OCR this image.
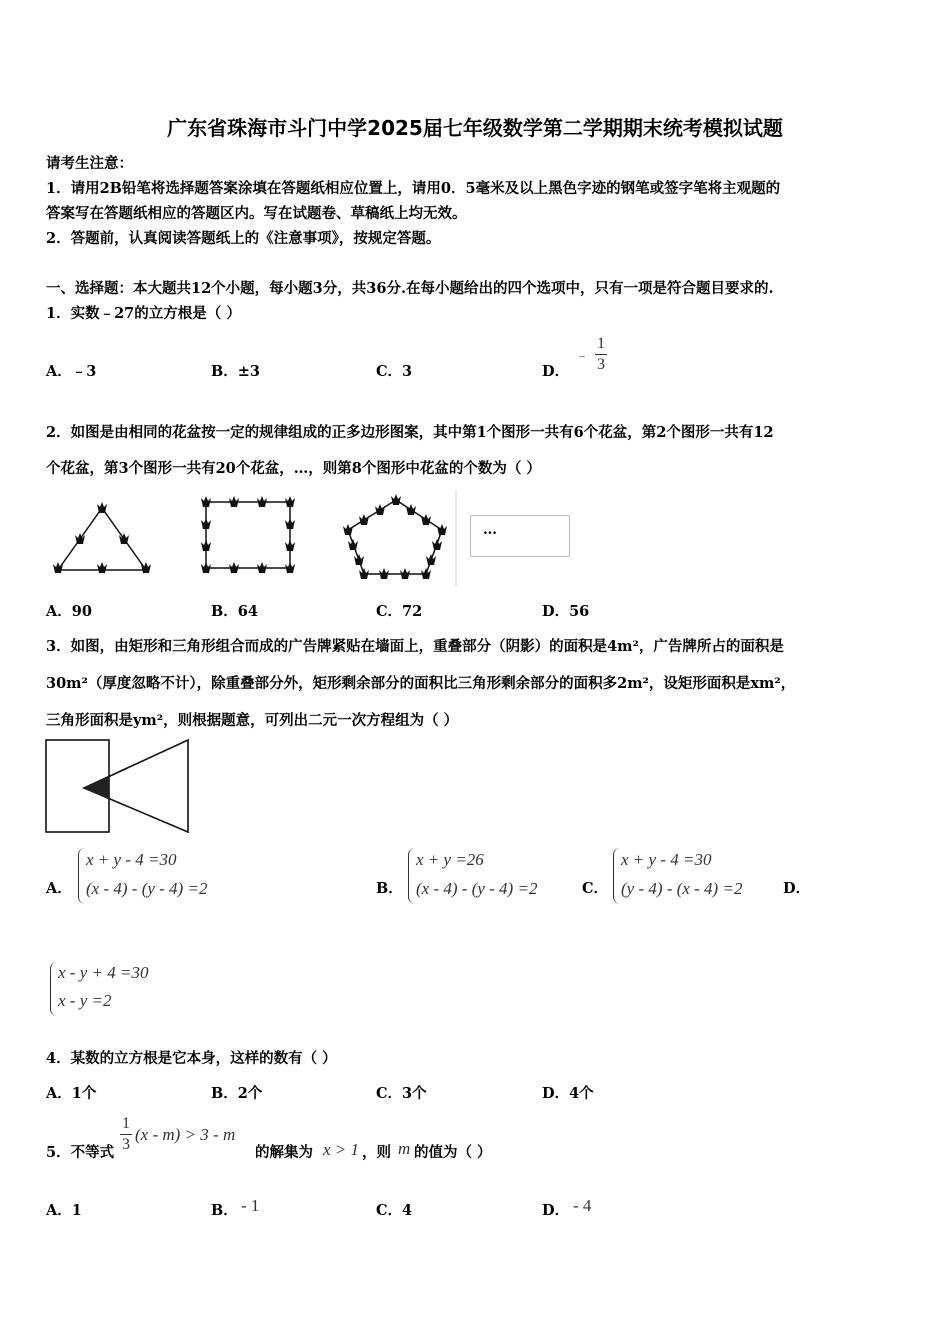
广东省珠海市斗门中学2025届七年级数学第二学期期末统考模拟试题
请考生注意：
1．请用2B铅笔将选择题答案涂填在答题纸相应位置上，请用0．5毫米及以上黑色字迹的钢笔或签字笔将主观题的
答案写在答题纸相应的答题区内。写在试题卷、草稿纸上均无效。
2．答题前，认真阅读答题纸上的《注意事项》，按规定答题。
一、选择题：本大题共12个小题，每小题3分，共36分.在每小题给出的四个选项中，只有一项是符合题目要求的.
1．实数﹣27的立方根是（ ）
A．﹣3	B．±3	C．3	D．
﹣ $\frac{1}{3}$
2．如图是由相同的花盆按一定的规律组成的正多边形图案，其中第1个图形一共有6个花盆，第2个图形一共有12
个花盆，第3个图形一共有20个花盆，…，则第8个图形中花盆的个数为（ ）
…
A．90	B．64	C．72	D．56
3．如图，由矩形和三角形组合而成的广告牌紧贴在墙面上，重叠部分（阴影）的面积是4m²，广告牌所占的面积是
30m²（厚度忽略不计），除重叠部分外，矩形剩余部分的面积比三角形剩余部分的面积多2m²，设矩形面积是xm²，
三角形面积是ym²，则根据题意，可列出二元一次方程组为（ ）
A．
x + y - 4 =30
(x - 4) - (y - 4) =2	B．
x + y =26
(x - 4) - (y - 4) =2	C．
x + y - 4 =30
(y - 4) - (x - 4) =2	D．
x - y + 4 =30
x - y =2
4．某数的立方根是它本身，这样的数有（ ）
A．1个	B．2个	C．3个	D．4个
5．不等式 $\frac{1}{3} (x - m) > 3 - m$
的解集为 x > 1 ，则 m 的值为（ ）
A．1	B． - 1	C．4	D． - 4
